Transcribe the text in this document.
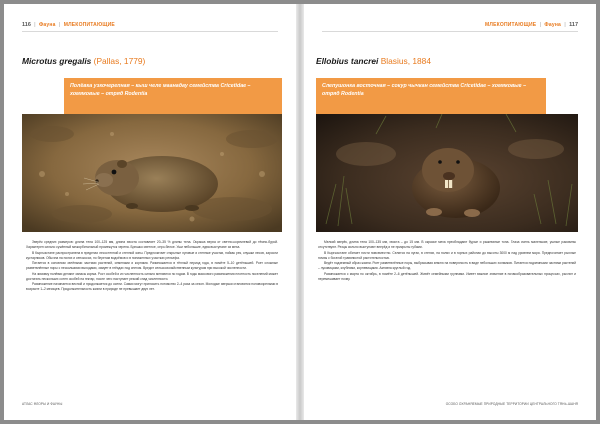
116 | Фауна | МЛЕКОПИТАЮЩИЕ
Microtus gregalis (Pallas, 1779)
Полёвка узкочерепная – кыш челе маанадау семейства Cricetidae – хомяковые – отряд Rodentia

Зверёк средних размеров: длина тела 100–125 мм, длина хвоста составляет 20–35 % длины тела. Окраска верха от светло-коричневой до тёмно-бурой. Характерен сильно сужённый межорбитальный промежуток черепа. Брюшко светлое, серо-белое. Уши небольшие, едва выступают из меха.

В Кыргызстане распространена в пределах лесостепной и степной зоны. Предпочитает открытые луговые и степные участки, поймы рек, опушки лесов, заросли кустарников. Обычна на полях и сенокосах, по берегам водоёмов и в пониженных участках рельефа.

Питается в основном зелёными частями растений, семенами и корнями. Размножается в тёплый период года, в помёте 5–10 детёнышей. Роет сложные разветвлённые норы с несколькими выходами, зимует в гнёздах под снегом. Вредит сельскохозяйственным культурам при высокой численности.

На зимовку полёвки делают запасы корма. Рост особей и их численность сильно меняются по годам. В годы массового размножения плотность поселений может достигать нескольких сотен особей на гектар, после чего наступает резкий спад численности.

Размножение начинается весной и продолжается до осени. Самки могут приносить потомство 2–4 раза за сезон. Молодые зверьки становятся половозрелыми в возрасте 1–2 месяцев. Продолжительность жизни в природе не превышает двух лет.

АТЛАС ФЛОРЫ И ФАУНЫ
МЛЕКОПИТАЮЩИЕ | Фауна | 117
Ellobius tancrei Blasius, 1884
Слепушонка восточная – сокур чычкан семейства Cricetidae – хомяковые – отряд Rodentia

Мелкий зверёк, длина тела 100–135 мм, хвоста – до 15 мм. В окраске меха преобладают бурые и рыжеватые тона. Глаза очень маленькие, ушные раковины отсутствуют. Резцы сильно выступают вперёд и не прикрыты губами.

В Кыргызстане обитает почти повсеместно. Селится на лугах, в степях, на полях и в горных районах до высоты 3000 м над уровнем моря. Предпочитает рыхлые почвы с богатой травянистой растительностью.

Ведёт подземный образ жизни. Роет разветвлённые норы, выбрасывая землю на поверхность в виде небольших холмиков. Питается подземными частями растений – луковицами, клубнями, корневищами. Активна круглый год.

Размножается с марта по октябрь, в помёте 2–6 детёнышей. Живёт семейными группами. Имеет важное значение в почвообразовательных процессах, рыхлит и перемешивает почву.

ОСОБО ОХРАНЯЕМЫЕ ПРИРОДНЫЕ ТЕРРИТОРИИ ЦЕНТРАЛЬНОГО ТЯНЬ-ШАНЯ
